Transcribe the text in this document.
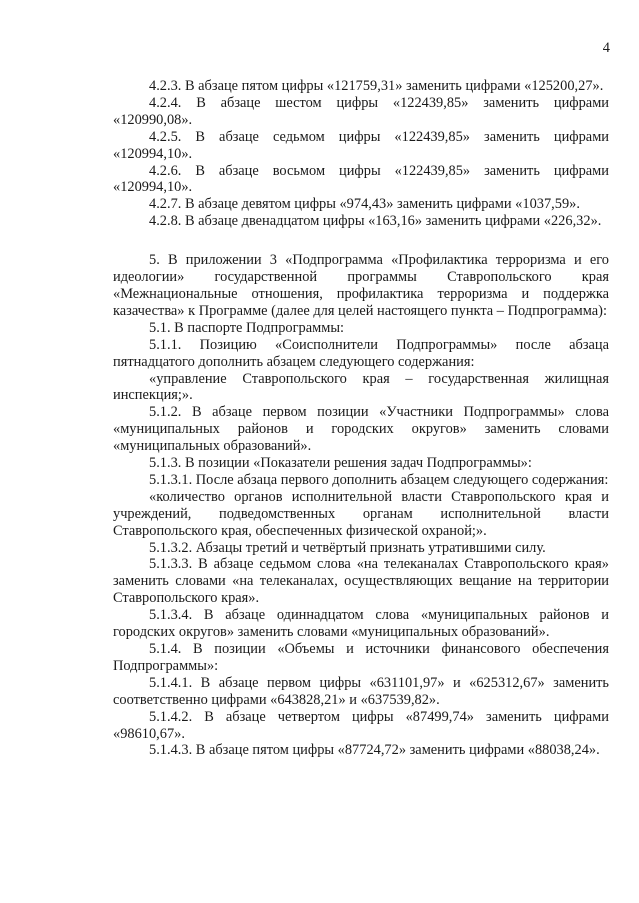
4

4.2.3. В абзаце пятом цифры «121759,31» заменить цифрами «125200,27».

4.2.4. В абзаце шестом цифры «122439,85» заменить цифрами «120990,08».

4.2.5. В абзаце седьмом цифры «122439,85» заменить цифрами «120994,10».

4.2.6. В абзаце восьмом цифры «122439,85» заменить цифрами «120994,10».

4.2.7. В абзаце девятом цифры «974,43» заменить цифрами «1037,59».

4.2.8. В абзаце двенадцатом цифры «163,16» заменить цифрами «226,32».

5. В приложении 3 «Подпрограмма «Профилактика терроризма и его идеологии» государственной программы Ставропольского края «Межнациональные отношения, профилактика терроризма и поддержка казачества» к Программе (далее для целей настоящего пункта – Подпрограмма):

5.1. В паспорте Подпрограммы:

5.1.1. Позицию «Соисполнители Подпрограммы» после абзаца пятнадцатого дополнить абзацем следующего содержания:

«управление Ставропольского края – государственная жилищная инспекция;».

5.1.2. В абзаце первом позиции «Участники Подпрограммы» слова «муниципальных районов и городских округов» заменить словами «муниципальных образований».

5.1.3. В позиции «Показатели решения задач Подпрограммы»:

5.1.3.1. После абзаца первого дополнить абзацем следующего содержания:

«количество органов исполнительной власти Ставропольского края и учреждений, подведомственных органам исполнительной власти Ставропольского края, обеспеченных физической охраной;».

5.1.3.2. Абзацы третий и четвёртый признать утратившими силу.

5.1.3.3. В абзаце седьмом слова «на телеканалах Ставропольского края» заменить словами «на телеканалах, осуществляющих вещание на территории Ставропольского края».

5.1.3.4. В абзаце одиннадцатом слова «муниципальных районов и городских округов» заменить словами «муниципальных образований».

5.1.4. В позиции «Объемы и источники финансового обеспечения Подпрограммы»:

5.1.4.1. В абзаце первом цифры «631101,97» и «625312,67» заменить соответственно цифрами «643828,21» и «637539,82».

5.1.4.2. В абзаце четвертом цифры «87499,74» заменить цифрами «98610,67».

5.1.4.3. В абзаце пятом цифры «87724,72» заменить цифрами «88038,24».
